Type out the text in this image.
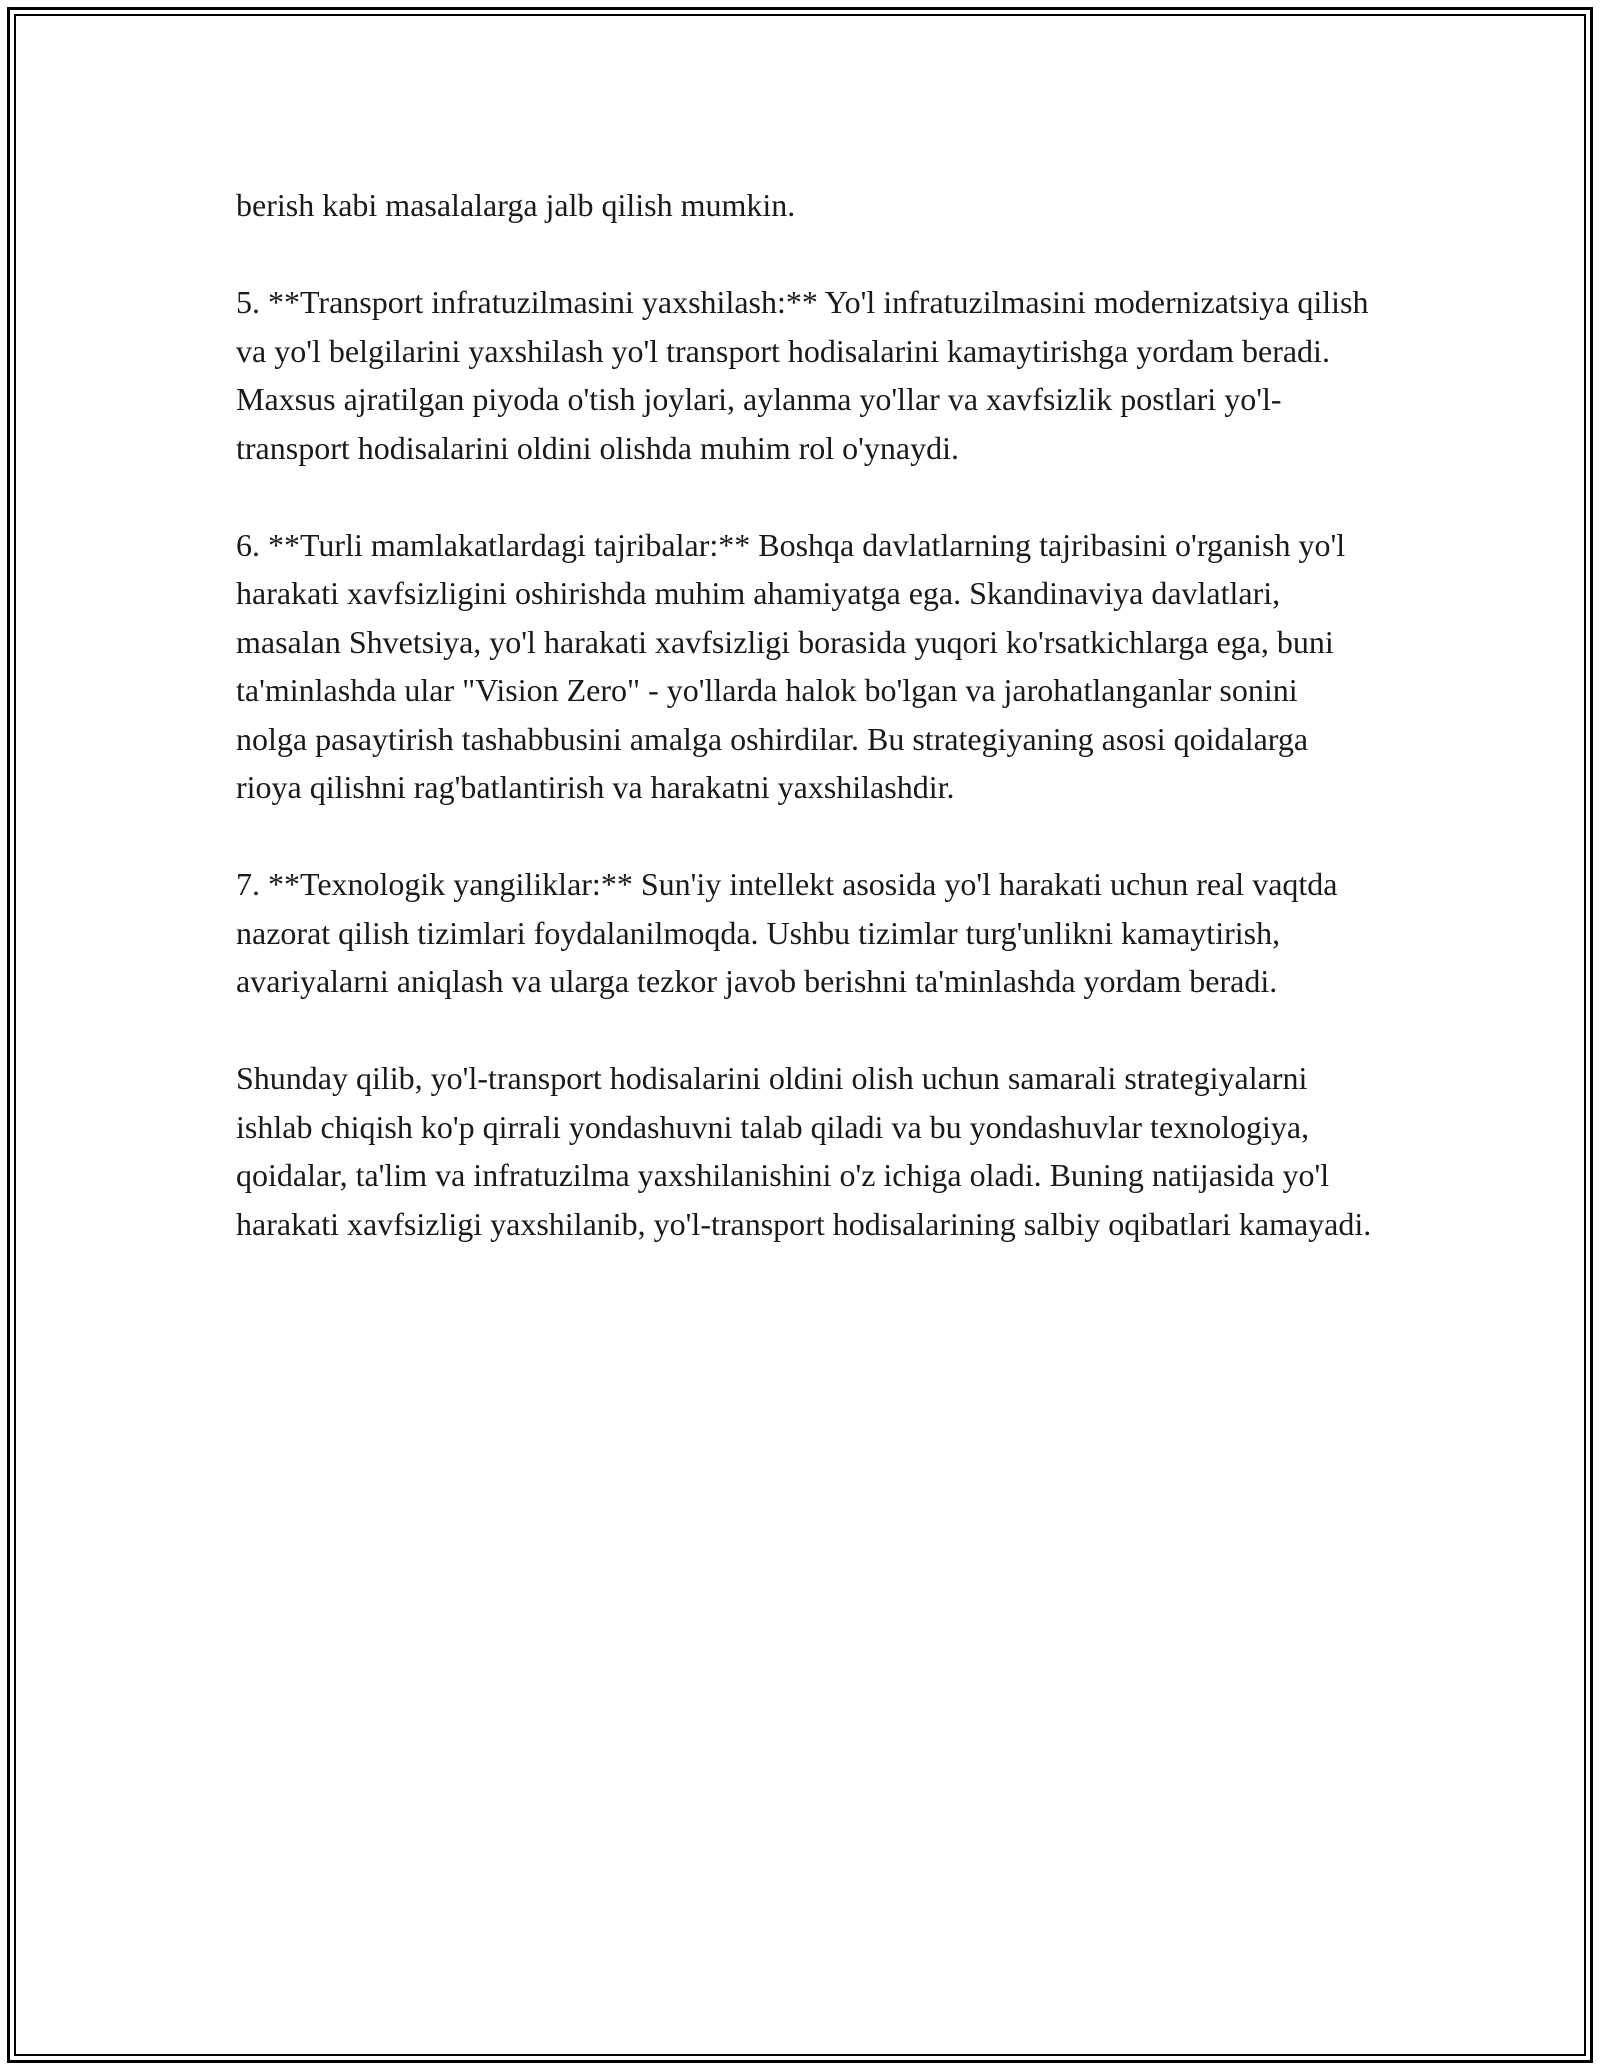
berish kabi masalalarga jalb qilish mumkin.

5. **Transport infratuzilmasini yaxshilash:** Yo'l infratuzilmasini modernizatsiya qilish va yo'l belgilarini yaxshilash yo'l transport hodisalarini kamaytirishga yordam beradi. Maxsus ajratilgan piyoda o'tish joylari, aylanma yo'llar va xavfsizlik postlari yo'l-transport hodisalarini oldini olishda muhim rol o'ynaydi.

6. **Turli mamlakatlardagi tajribalar:** Boshqa davlatlarning tajribasini o'rganish yo'l harakati xavfsizligini oshirishda muhim ahamiyatga ega. Skandinaviya davlatlari, masalan Shvetsiya, yo'l harakati xavfsizligi borasida yuqori ko'rsatkichlarga ega, buni ta'minlashda ular "Vision Zero" - yo'llarda halok bo'lgan va jarohatlanganlar sonini nolga pasaytirish tashabbusini amalga oshirdilar. Bu strategiyaning asosi qoidalarga rioya qilishni rag'batlantirish va harakatni yaxshilashdir.

7. **Texnologik yangiliklar:** Sun'iy intellekt asosida yo'l harakati uchun real vaqtda nazorat qilish tizimlari foydalanilmoqda. Ushbu tizimlar turg'unlikni kamaytirish, avariyalarni aniqlash va ularga tezkor javob berishni ta'minlashda yordam beradi.

Shunday qilib, yo'l-transport hodisalarini oldini olish uchun samarali strategiyalarni ishlab chiqish ko'p qirrali yondashuvni talab qiladi va bu yondashuvlar texnologiya, qoidalar, ta'lim va infratuzilma yaxshilanishini o'z ichiga oladi. Buning natijasida yo'l harakati xavfsizligi yaxshilanib, yo'l-transport hodisalarining salbiy oqibatlari kamayadi.
